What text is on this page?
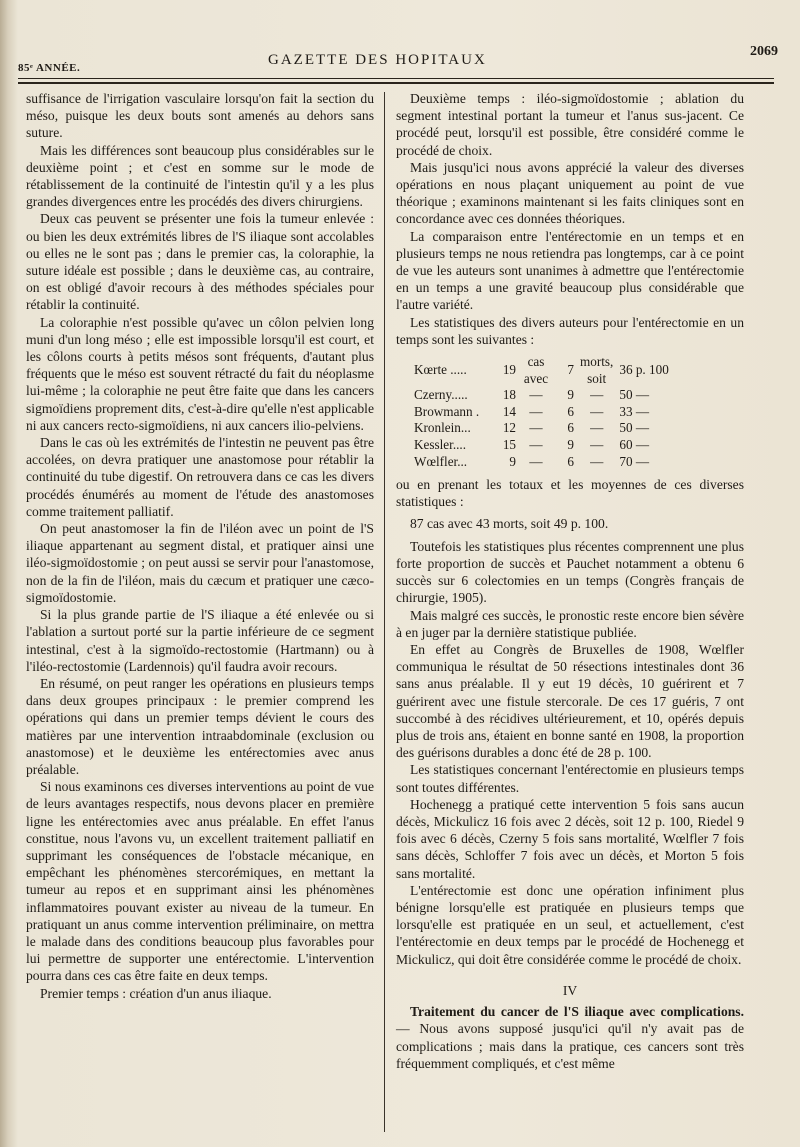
85ᵉ ANNÉE.	GAZETTE DES HOPITAUX
2069

suffisance de l'irrigation vasculaire lorsqu'on fait la section du méso, puisque les deux bouts sont amenés au dehors sans suture.

Mais les différences sont beaucoup plus considérables sur le deuxième point ; et c'est en somme sur le mode de rétablissement de la continuité de l'intestin qu'il y a les plus grandes divergences entre les procédés des divers chirurgiens.

Deux cas peuvent se présenter une fois la tumeur enlevée : ou bien les deux extrémités libres de l'S iliaque sont accolables ou elles ne le sont pas ; dans le premier cas, la coloraphie, la suture idéale est possible ; dans le deuxième cas, au contraire, on est obligé d'avoir recours à des méthodes spéciales pour rétablir la continuité.

La coloraphie n'est possible qu'avec un côlon pelvien long muni d'un long méso ; elle est impossible lorsqu'il est court, et les côlons courts à petits mésos sont fréquents, d'autant plus fréquents que le méso est souvent rétracté du fait du néoplasme lui-même ; la coloraphie ne peut être faite que dans les cancers sigmoïdiens proprement dits, c'est-à-dire qu'elle n'est applicable ni aux cancers recto-sigmoïdiens, ni aux cancers ilio-pelviens.

Dans le cas où les extrémités de l'intestin ne peuvent pas être accolées, on devra pratiquer une anastomose pour rétablir la continuité du tube digestif. On retrouvera dans ce cas les divers procédés énumérés au moment de l'étude des anastomoses comme traitement palliatif.

On peut anastomoser la fin de l'iléon avec un point de l'S iliaque appartenant au segment distal, et pratiquer ainsi une iléo-sigmoïdostomie ; on peut aussi se servir pour l'anastomose, non de la fin de l'iléon, mais du cæcum et pratiquer une cæco-sigmoïdostomie.

Si la plus grande partie de l'S iliaque a été enlevée ou si l'ablation a surtout porté sur la partie inférieure de ce segment intestinal, c'est à la sigmoïdo-rectostomie (Hartmann) ou à l'iléo-rectostomie (Lardennois) qu'il faudra avoir recours.

En résumé, on peut ranger les opérations en plusieurs temps dans deux groupes principaux : le premier comprend les opérations qui dans un premier temps dévient le cours des matières par une intervention intraabdominale (exclusion ou anastomose) et le deuxième les entérectomies avec anus préalable.

Si nous examinons ces diverses interventions au point de vue de leurs avantages respectifs, nous devons placer en première ligne les entérectomies avec anus préalable. En effet l'anus constitue, nous l'avons vu, un excellent traitement palliatif en supprimant les conséquences de l'obstacle mécanique, en empêchant les phénomènes stercorémiques, en mettant la tumeur au repos et en supprimant ainsi les phénomènes inflammatoires pouvant exister au niveau de la tumeur. En pratiquant un anus comme intervention préliminaire, on mettra le malade dans des conditions beaucoup plus favorables pour lui permettre de supporter une entérectomie. L'intervention pourra dans ces cas être faite en deux temps.

Premier temps : création d'un anus iliaque.

Deuxième temps : iléo-sigmoïdostomie ; ablation du segment intestinal portant la tumeur et l'anus sus-jacent. Ce procédé peut, lorsqu'il est possible, être considéré comme le procédé de choix.

Mais jusqu'ici nous avons apprécié la valeur des diverses opérations en nous plaçant uniquement au point de vue théorique ; examinons maintenant si les faits cliniques sont en concordance avec ces données théoriques.

La comparaison entre l'entérectomie en un temps et en plusieurs temps ne nous retiendra pas longtemps, car à ce point de vue les auteurs sont unanimes à admettre que l'entérectomie en un temps a une gravité beaucoup plus considérable que l'autre variété.

Les statistiques des divers auteurs pour l'entérectomie en un temps sont les suivantes :

Kœrte .....	19	cas avec	7	morts, soit	36 p. 100
Czerny.....	18	—	9	—	50 —
Browmann .	14	—	6	—	33 —
Kronlein...	12	—	6	—	50 —
Kessler....	15	—	9	—	60 —
Wœlfler...	9	—	6	—	70 —

ou en prenant les totaux et les moyennes de ces diverses statistiques :

87 cas avec 43 morts, soit 49 p. 100.

Toutefois les statistiques plus récentes comprennent une plus forte proportion de succès et Pauchet notamment a obtenu 6 succès sur 6 colectomies en un temps (Congrès français de chirurgie, 1905).

Mais malgré ces succès, le pronostic reste encore bien sévère à en juger par la dernière statistique publiée.

En effet au Congrès de Bruxelles de 1908, Wœlfler communiqua le résultat de 50 résections intestinales dont 36 sans anus préalable. Il y eut 19 décès, 10 guérirent et 7 guérirent avec une fistule stercorale. De ces 17 guéris, 7 ont succombé à des récidives ultérieurement, et 10, opérés depuis plus de trois ans, étaient en bonne santé en 1908, la proportion des guérisons durables a donc été de 28 p. 100.

Les statistiques concernant l'entérectomie en plusieurs temps sont toutes différentes.

Hochenegg a pratiqué cette intervention 5 fois sans aucun décès, Mickulicz 16 fois avec 2 décès, soit 12 p. 100, Riedel 9 fois avec 6 décès, Czerny 5 fois sans mortalité, Wœlfler 7 fois sans décès, Schloffer 7 fois avec un décès, et Morton 5 fois sans mortalité.

L'entérectomie est donc une opération infiniment plus bénigne lorsqu'elle est pratiquée en plusieurs temps que lorsqu'elle est pratiquée en un seul, et actuellement, c'est l'entérectomie en deux temps par le procédé de Hochenegg et Mickulicz, qui doit être considérée comme le procédé de choix.

IV

Traitement du cancer de l'S iliaque avec complications. — Nous avons supposé jusqu'ici qu'il n'y avait pas de complications ; mais dans la pratique, ces cancers sont très fréquemment compliqués, et c'est même
